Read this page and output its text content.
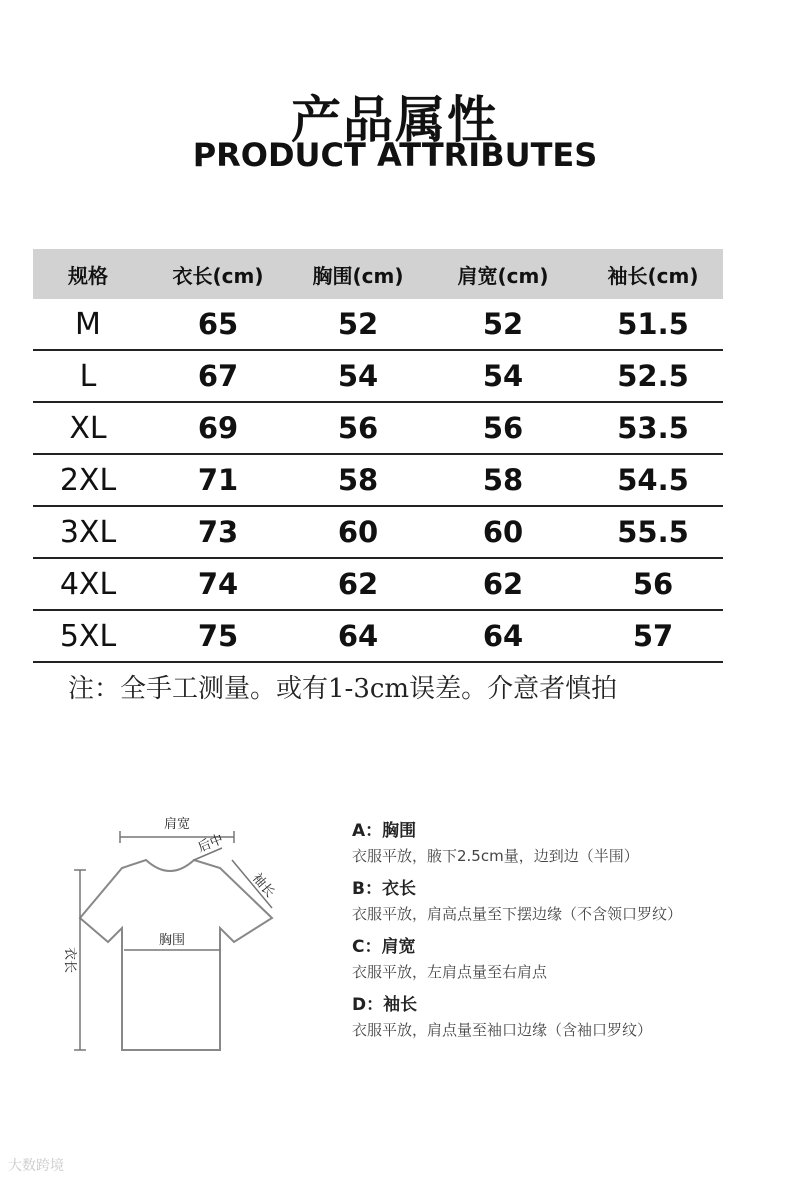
产品属性
PRODUCT ATTRIBUTES
规格	衣长(cm)	胸围(cm)	肩宽(cm)	袖长(cm)
M	65	52	52	51.5
L	67	54	54	52.5
XL	69	56	56	53.5
2XL	71	58	58	54.5
3XL	73	60	60	55.5
4XL	74	62	62	56
5XL	75	64	64	57
注：全手工测量。或有1-3cm误差。介意者慎拍
肩宽
后中
袖长
胸围
衣长
A：胸围
衣服平放，腋下2.5cm量，边到边（半围）
B：衣长
衣服平放，肩高点量至下摆边缘（不含领口罗纹）
C：肩宽
衣服平放，左肩点量至右肩点
D：袖长
衣服平放，肩点量至袖口边缘（含袖口罗纹）
大数跨境
